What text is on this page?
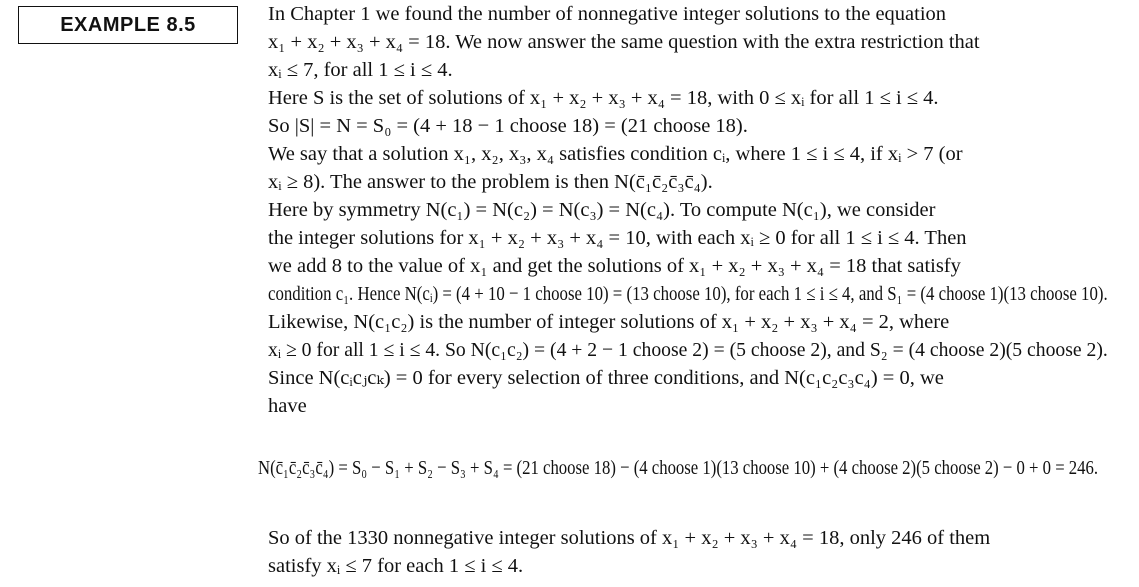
EXAMPLE 8.5	In Chapter 1 we found the number of nonnegative integer solutions to the equation
x₁ + x₂ + x₃ + x₄ = 18. We now answer the same question with the extra restriction that
xᵢ ≤ 7, for all 1 ≤ i ≤ 4.
Here S is the set of solutions of x₁ + x₂ + x₃ + x₄ = 18, with 0 ≤ xᵢ for all 1 ≤ i ≤ 4.
So |S| = N = S₀ = (4 + 18 − 1 choose 18) = (21 choose 18).
We say that a solution x₁, x₂, x₃, x₄ satisfies condition cᵢ, where 1 ≤ i ≤ 4, if xᵢ > 7 (or
xᵢ ≥ 8). The answer to the problem is then N(c̄₁c̄₂c̄₃c̄₄).
Here by symmetry N(c₁) = N(c₂) = N(c₃) = N(c₄). To compute N(c₁), we consider
the integer solutions for x₁ + x₂ + x₃ + x₄ = 10, with each xᵢ ≥ 0 for all 1 ≤ i ≤ 4. Then
we add 8 to the value of x₁ and get the solutions of x₁ + x₂ + x₃ + x₄ = 18 that satisfy
condition c₁. Hence N(cᵢ) = (4 + 10 − 1 choose 10) = (13 choose 10), for each 1 ≤ i ≤ 4, and S₁ = (4 choose 1)(13 choose 10).
Likewise, N(c₁c₂) is the number of integer solutions of x₁ + x₂ + x₃ + x₄ = 2, where
xᵢ ≥ 0 for all 1 ≤ i ≤ 4. So N(c₁c₂) = (4 + 2 − 1 choose 2) = (5 choose 2), and S₂ = (4 choose 2)(5 choose 2).
Since N(cᵢcⱼcₖ) = 0 for every selection of three conditions, and N(c₁c₂c₃c₄) = 0, we
have
N(c̄₁c̄₂c̄₃c̄₄) = S₀ − S₁ + S₂ − S₃ + S₄ = (21 choose 18) − (4 choose 1)(13 choose 10) + (4 choose 2)(5 choose 2) − 0 + 0 = 246.
So of the 1330 nonnegative integer solutions of x₁ + x₂ + x₃ + x₄ = 18, only 246 of them
satisfy xᵢ ≤ 7 for each 1 ≤ i ≤ 4.
